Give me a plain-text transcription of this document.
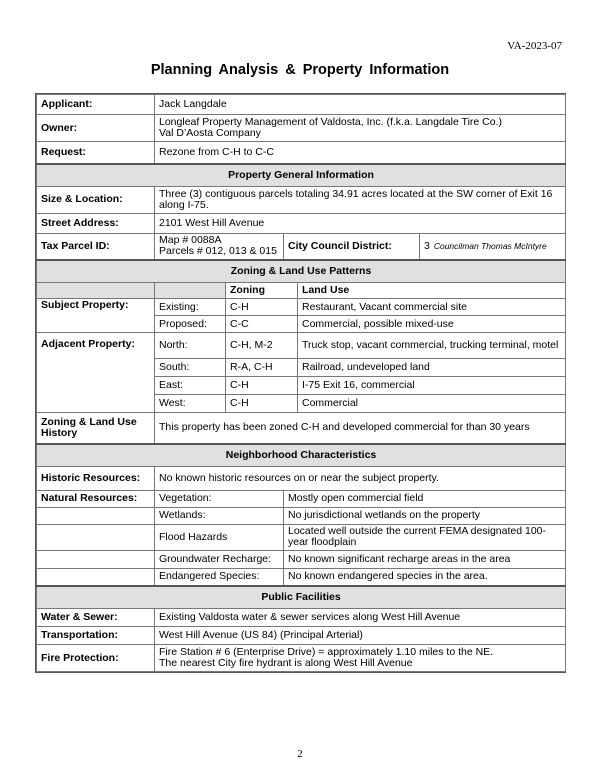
VA-2023-07
Planning Analysis & Property Information
Applicant:	Jack Langdale				
Owner:	Longleaf Property Management of Valdosta, Inc. (f.k.a. Langdale Tire Co.)
Val D’Aosta Company				

Request:	Rezone from C-H to C-C				
Property General Information					
Size & Location:	Three (3) contiguous parcels totaling 34.91 acres located at the SW corner of Exit 16 along I-75.				
Street Address:	2101 West Hill Avenue				
Tax Parcel ID:	Map # 0088A
Parcels # 012, 013 & 015		City Council District:		3 Councilman Thomas McIntyre
Zoning & Land Use Patterns					
		Zoning		Land Use	
Subject Property:	Existing:	C-H		Restaurant, Vacant commercial site	
	Proposed:	C-C		Commercial, possible mixed-use	
Adjacent Property:	North:	C-H, M-2		Truck stop, vacant commercial, trucking terminal, motel	
	South:	R-A, C-H		Railroad, undeveloped land	
	East:	C-H		I-75 Exit 16, commercial	
	West:	C-H		Commercial	
Zoning & Land Use History	This property has been zoned C-H and developed commercial for than 30 years				
Neighborhood Characteristics					
Historic Resources:	No known historic resources on or near the subject property.				
Natural Resources:	Vegetation:		Mostly open commercial field		
	Wetlands:		No jurisdictional wetlands on the property		
	Flood Hazards		Located well outside the current FEMA designated 100-year floodplain		
	Groundwater Recharge:		No known significant recharge areas in the area		
	Endangered Species:		No known endangered species in the area.		
Public Facilities					
Water & Sewer:	Existing Valdosta water & sewer services along West Hill Avenue				
Transportation:	West Hill Avenue (US 84) (Principal Arterial)				
Fire Protection:	Fire Station # 6 (Enterprise Drive) = approximately 1.10 miles to the NE.
The nearest City fire hydrant is along West Hill Avenue				
2
